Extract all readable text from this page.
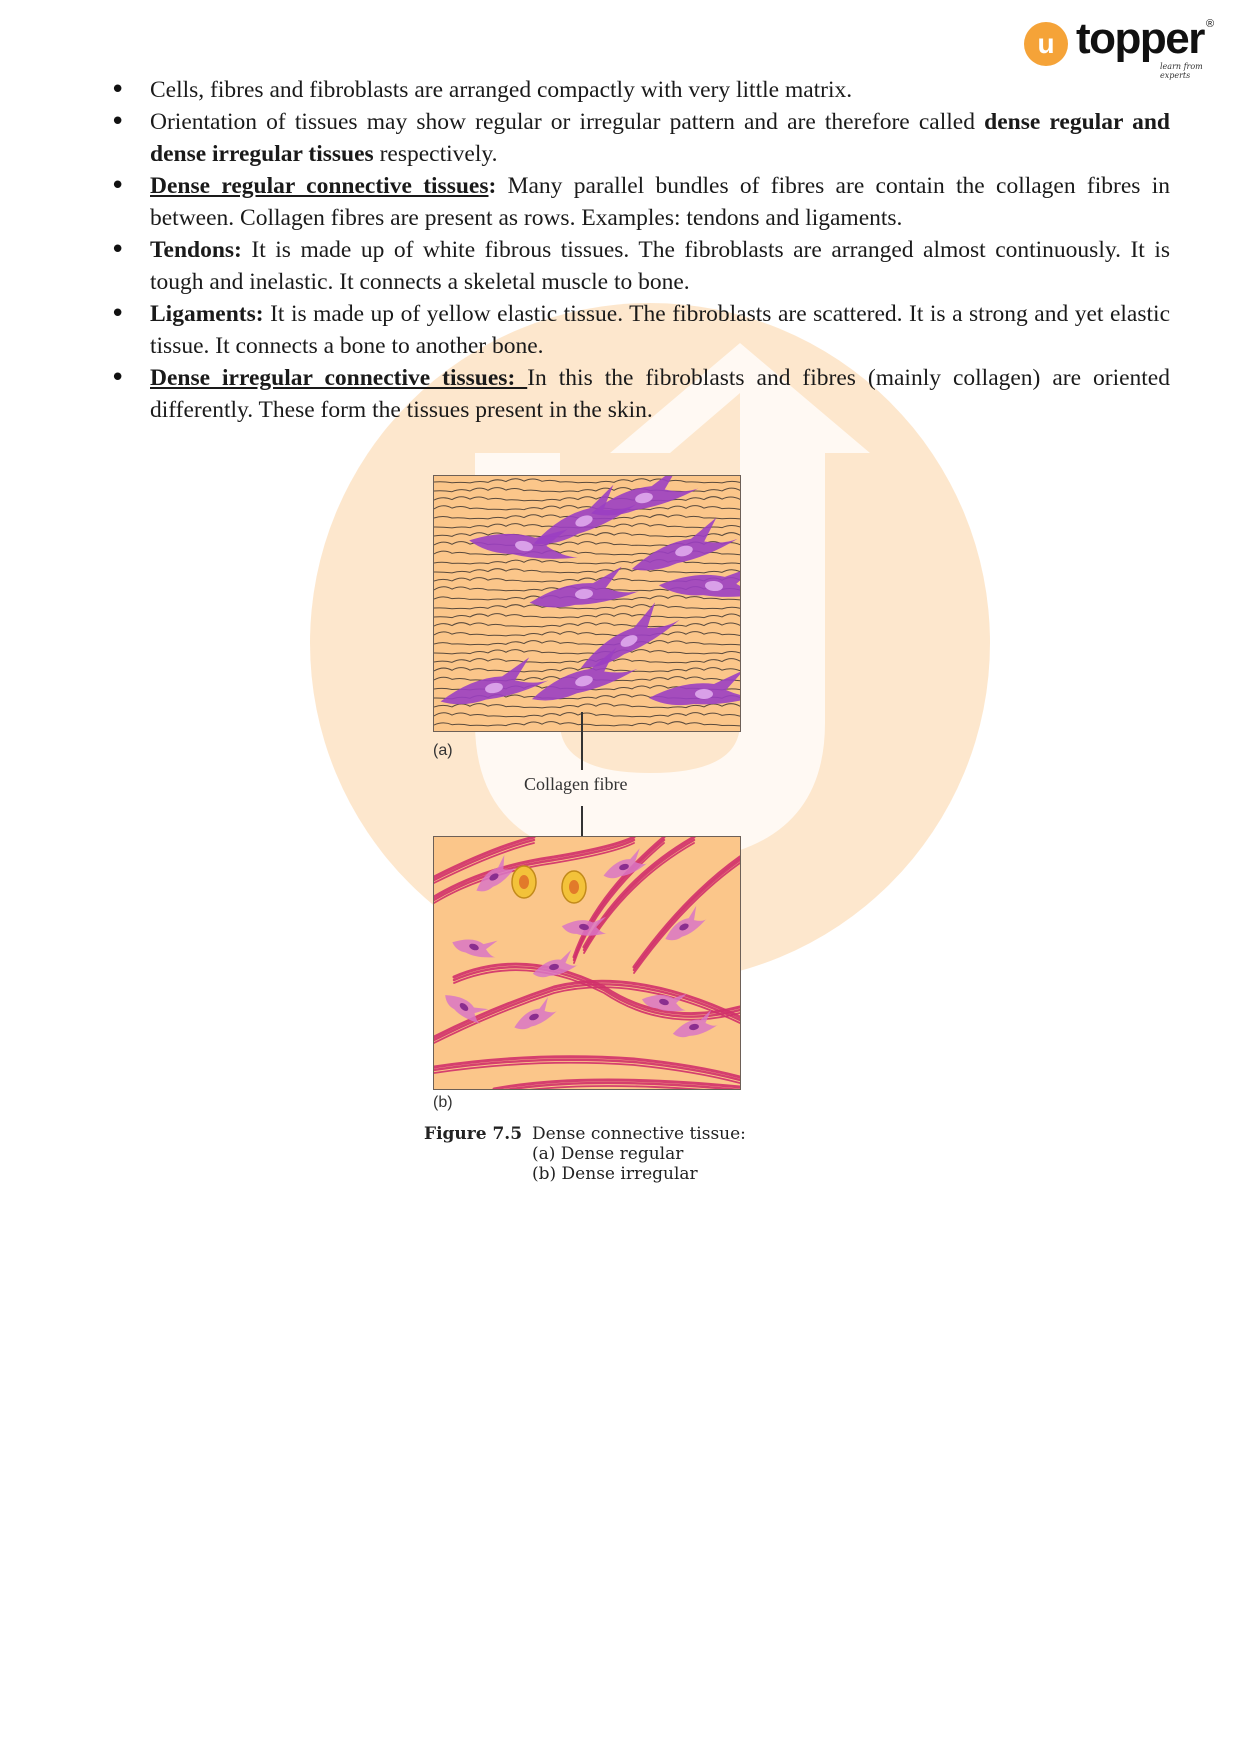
u topper ®
learn from experts
• Cells, fibres and fibroblasts are arranged compactly with very little matrix.
• Orientation of tissues may show regular or irregular pattern and are therefore called dense regular and dense irregular tissues respectively.
• Dense regular connective tissues: Many parallel bundles of fibres are contain the collagen fibres in between. Collagen fibres are present as rows. Examples: tendons and ligaments.
• Tendons: It is made up of white fibrous tissues. The fibroblasts are arranged almost continuously. It is tough and inelastic. It connects a skeletal muscle to bone.
• Ligaments: It is made up of yellow elastic tissue. The fibroblasts are scattered. It is a strong and yet elastic tissue. It connects a bone to another bone.
• Dense irregular connective tissues: In this the fibroblasts and fibres (mainly collagen) are oriented differently. These form the tissues present in the skin.
(a)
Collagen fibre
(b)
Figure 7.5 Dense connective tissue:
(a) Dense regular
(b) Dense irregular
